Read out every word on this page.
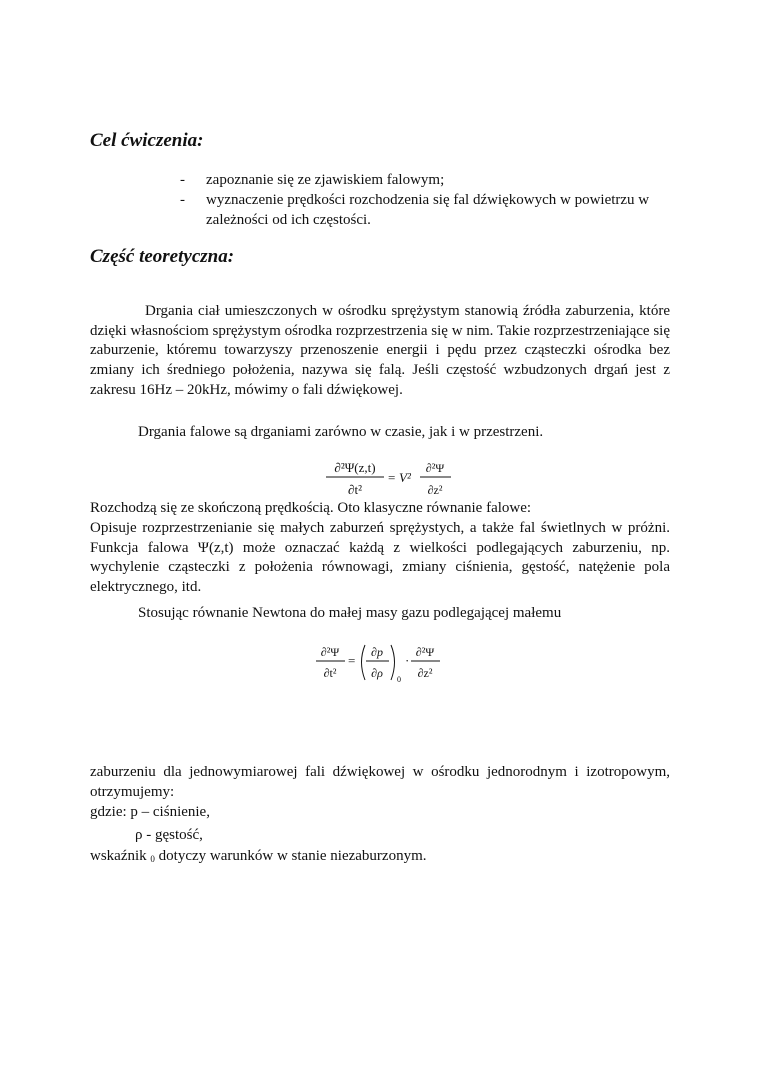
Cel ćwiczenia:
- zapoznanie się ze zjawiskiem falowym;
- wyznaczenie prędkości rozchodzenia się fal dźwiękowych w powietrzu w zależności od ich częstości.
Część teoretyczna:

Drgania ciał umieszczonych w ośrodku sprężystym stanowią źródła zaburzenia, które dzięki własnościom sprężystym ośrodka rozprzestrzenia się w nim. Takie rozprzestrzeniające się zaburzenie, któremu towarzyszy przenoszenie energii i pędu przez cząsteczki ośrodka bez zmiany ich średniego położenia, nazywa się falą. Jeśli częstość wzbudzonych drgań jest z zakresu 16Hz – 20kHz, mówimy o fali dźwiękowej.

Drgania falowe są drganiami zarówno w czasie, jak i w przestrzeni.

∂²Ψ(z,t)
∂t²
= V²
∂²Ψ
∂z²

Rozchodzą się ze skończoną prędkością. Oto klasyczne równanie falowe:

Opisuje rozprzestrzenianie się małych zaburzeń sprężystych, a także fal świetlnych w próżni. Funkcja falowa Ψ(z,t) może oznaczać każdą z wielkości podlegających zaburzeniu, np. wychylenie cząsteczki z położenia równowagi, zmiany ciśnienia, gęstość, natężenie pola elektrycznego, itd.

Stosując równanie Newtona do małej masy gazu podlegającej małemu

∂²Ψ
∂t²
=
∂p
∂ρ 0
·
∂²Ψ
∂z²

zaburzeniu dla jednowymiarowej fali dźwiękowej w ośrodku jednorodnym i izotropowym, otrzymujemy:

gdzie: p – ciśnienie,

ρ - gęstość,

wskaźnik 0 dotyczy warunków w stanie niezaburzonym.
